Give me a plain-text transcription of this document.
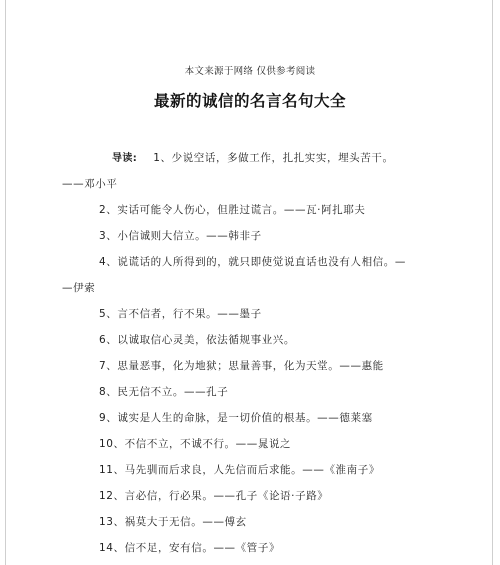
本文来源于网络 仅供参考阅读
最新的诚信的名言名句大全
导读: 1、少说空话，多做工作，扎扎实实，埋头苦干。
——邓小平
2、实话可能令人伤心，但胜过谎言。——瓦·阿扎耶夫
3、小信诚则大信立。——韩非子
4、说谎话的人所得到的，就只即使觉说直话也没有人相信。—
—伊索
5、言不信者，行不果。——墨子
6、以诚取信心灵美，依法循规事业兴。
7、思量恶事，化为地狱；思量善事，化为天堂。——惠能
8、民无信不立。——孔子
9、诚实是人生的命脉，是一切价值的根基。——德莱塞
10、不信不立，不诚不行。——晁说之
11、马先驯而后求良，人先信而后求能。——《淮南子》
12、言必信，行必果。——孔子《论语·子路》
13、祸莫大于无信。——傅玄
14、信不足，安有信。——《管子》
